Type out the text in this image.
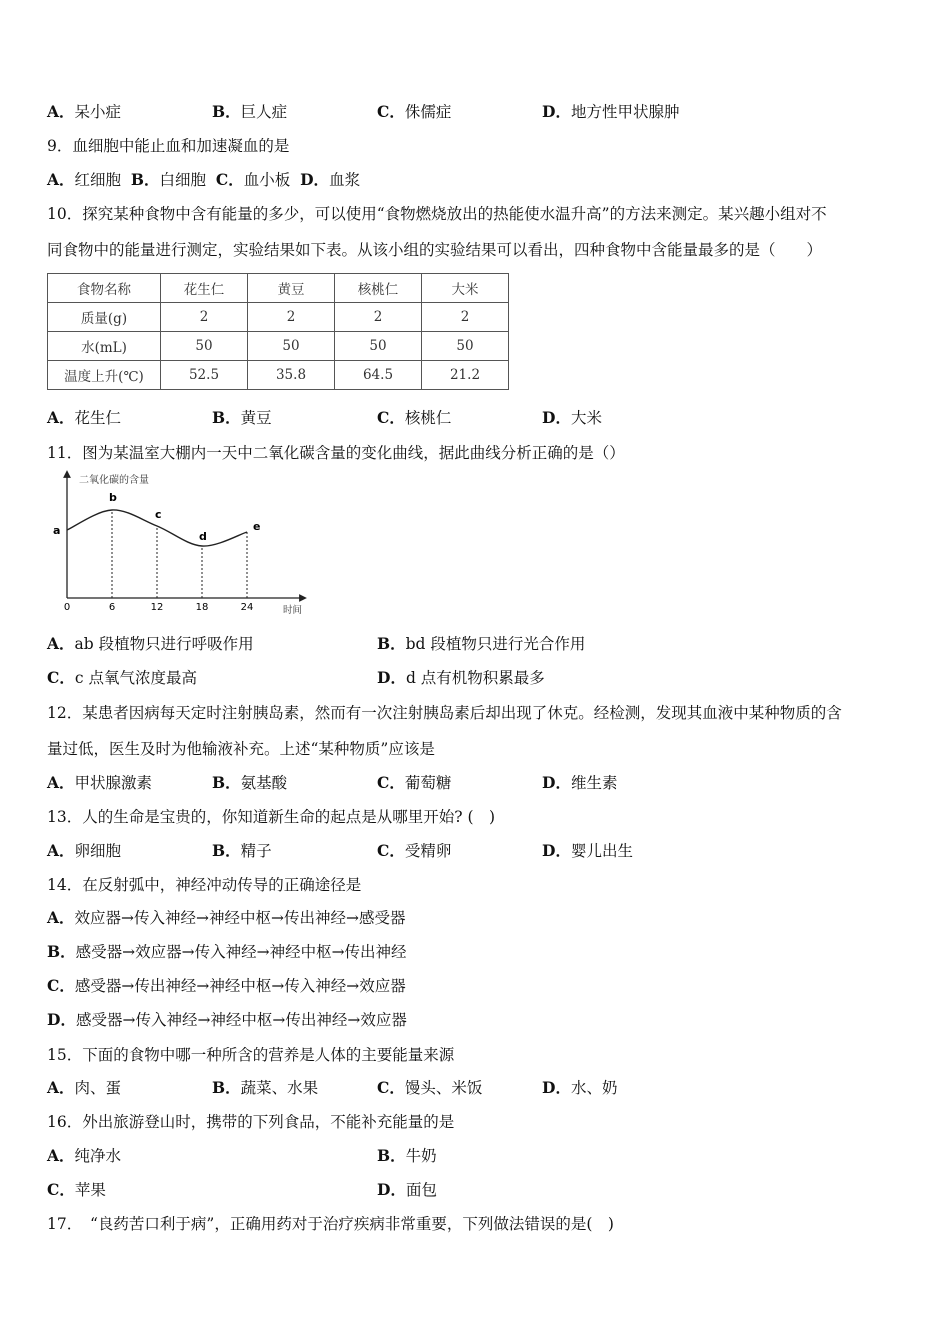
A．呆小症	B．巨人症	C．侏儒症	D．地方性甲状腺肿
9．血细胞中能止血和加速凝血的是
A．红细胞 B．白细胞 C．血小板 D．血浆
10．探究某种食物中含有能量的多少，可以使用“食物燃烧放出的热能使水温升高”的方法来测定。某兴趣小组对不
同食物中的能量进行测定，实验结果如下表。从该小组的实验结果可以看出，四种食物中含能量最多的是（　　）
食物名称	花生仁	黄豆	核桃仁	大米
质量(g)	2	2	2	2
水(mL)	50	50	50	50
温度上升(℃)	52.5	35.8	64.5	21.2
A．花生仁	B．黄豆	C．核桃仁	D．大米
11．图为某温室大棚内一天中二氧化碳含量的变化曲线，据此曲线分析正确的是（）
二氧化碳的含量
时间
a
b
c
d
e
0	6	12	18	24
A．ab 段植物只进行呼吸作用	B．bd 段植物只进行光合作用
C．c 点氧气浓度最高	D．d 点有机物积累最多
12．某患者因病每天定时注射胰岛素，然而有一次注射胰岛素后却出现了休克。经检测，发现其血液中某种物质的含
量过低，医生及时为他输液补充。上述“某种物质”应该是
A．甲状腺激素	B．氨基酸	C．葡萄糖	D．维生素
13．人的生命是宝贵的，你知道新生命的起点是从哪里开始? (　)
A．卵细胞	B．精子	C．受精卵	D．婴儿出生
14．在反射弧中，神经冲动传导的正确途径是
A．效应器→传入神经→神经中枢→传出神经→感受器
B．感受器→效应器→传入神经→神经中枢→传出神经
C．感受器→传出神经→神经中枢→传入神经→效应器
D．感受器→传入神经→神经中枢→传出神经→效应器
15．下面的食物中哪一种所含的营养是人体的主要能量来源
A．肉、蛋	B．蔬菜、水果	C．馒头、米饭	D．水、奶
16．外出旅游登山时，携带的下列食品，不能补充能量的是
A．纯净水	B．牛奶
C．苹果	D．面包
17．　“良药苦口利于病”，正确用药对于治疗疾病非常重要，下列做法错误的是(　)
